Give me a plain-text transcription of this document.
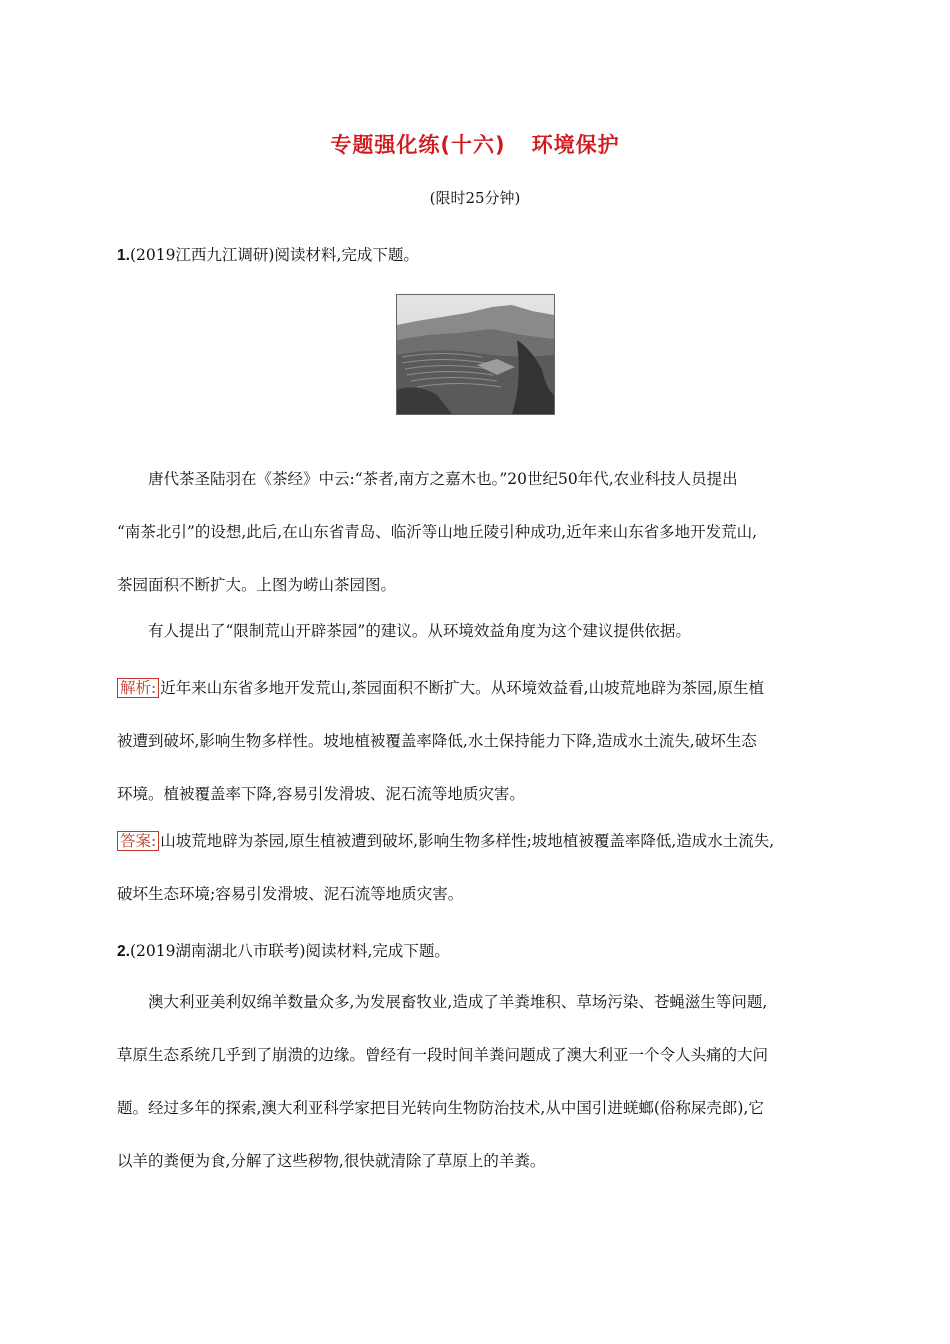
专题强化练(十六) 环境保护
(限时25分钟)
1.(2019江西九江调研)阅读材料,完成下题。

唐代茶圣陆羽在《茶经》中云:“茶者,南方之嘉木也。”20世纪50年代,农业科技人员提出

“南茶北引”的设想,此后,在山东省青岛、临沂等山地丘陵引种成功,近年来山东省多地开发荒山,

茶园面积不断扩大。上图为崂山茶园图。

有人提出了“限制荒山开辟茶园”的建议。从环境效益角度为这个建议提供依据。

解析: 近年来山东省多地开发荒山,茶园面积不断扩大。从环境效益看,山坡荒地辟为茶园,原生植

被遭到破坏,影响生物多样性。坡地植被覆盖率降低,水土保持能力下降,造成水土流失,破坏生态

环境。植被覆盖率下降,容易引发滑坡、泥石流等地质灾害。

答案: 山坡荒地辟为茶园,原生植被遭到破坏,影响生物多样性;坡地植被覆盖率降低,造成水土流失,

破坏生态环境;容易引发滑坡、泥石流等地质灾害。

2.(2019湖南湖北八市联考)阅读材料,完成下题。

澳大利亚美利奴绵羊数量众多,为发展畜牧业,造成了羊粪堆积、草场污染、苍蝇滋生等问题,

草原生态系统几乎到了崩溃的边缘。曾经有一段时间羊粪问题成了澳大利亚一个令人头痛的大问

题。经过多年的探索,澳大利亚科学家把目光转向生物防治技术,从中国引进蜣螂(俗称屎壳郎),它

以羊的粪便为食,分解了这些秽物,很快就清除了草原上的羊粪。
